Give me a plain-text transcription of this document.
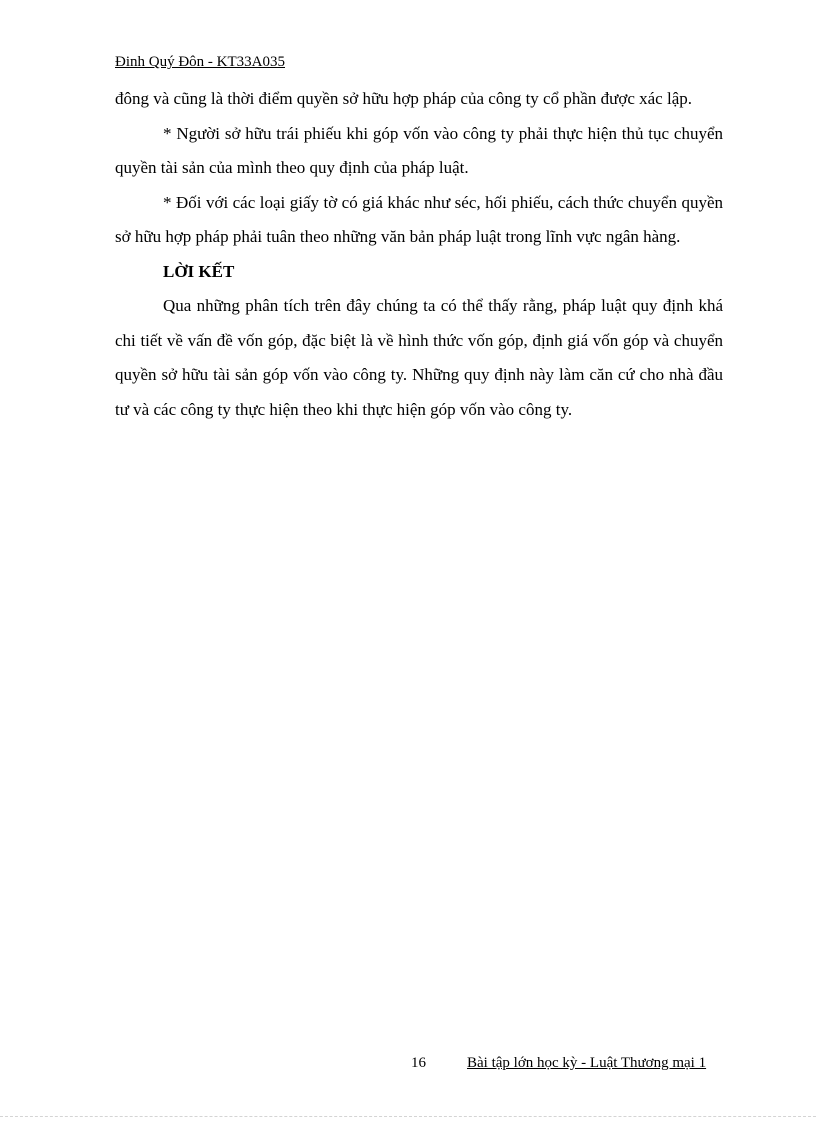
Đinh Quý Đôn - KT33A035

đông và cũng là thời điểm quyền sở hữu hợp pháp của công ty cổ phần được xác lập.

* Người sở hữu trái phiếu khi góp vốn vào công ty phải thực hiện thủ tục chuyển quyền tài sản của mình theo quy định của pháp luật.

* Đối với các loại giấy tờ có giá khác như séc, hối phiếu, cách thức chuyển quyền sở hữu hợp pháp phải tuân theo những văn bản pháp luật trong lĩnh vực ngân hàng.

LỜI KẾT

Qua những phân tích trên đây chúng ta có thể thấy rằng, pháp luật quy định khá chi tiết về vấn đề vốn góp, đặc biệt là về hình thức vốn góp, định giá vốn góp và chuyển quyền sở hữu tài sản góp vốn vào công ty. Những quy định này làm căn cứ cho nhà đầu tư và các công ty thực hiện theo khi thực hiện góp vốn vào công ty.

16	Bài tập lớn học kỳ - Luật Thương mại 1
